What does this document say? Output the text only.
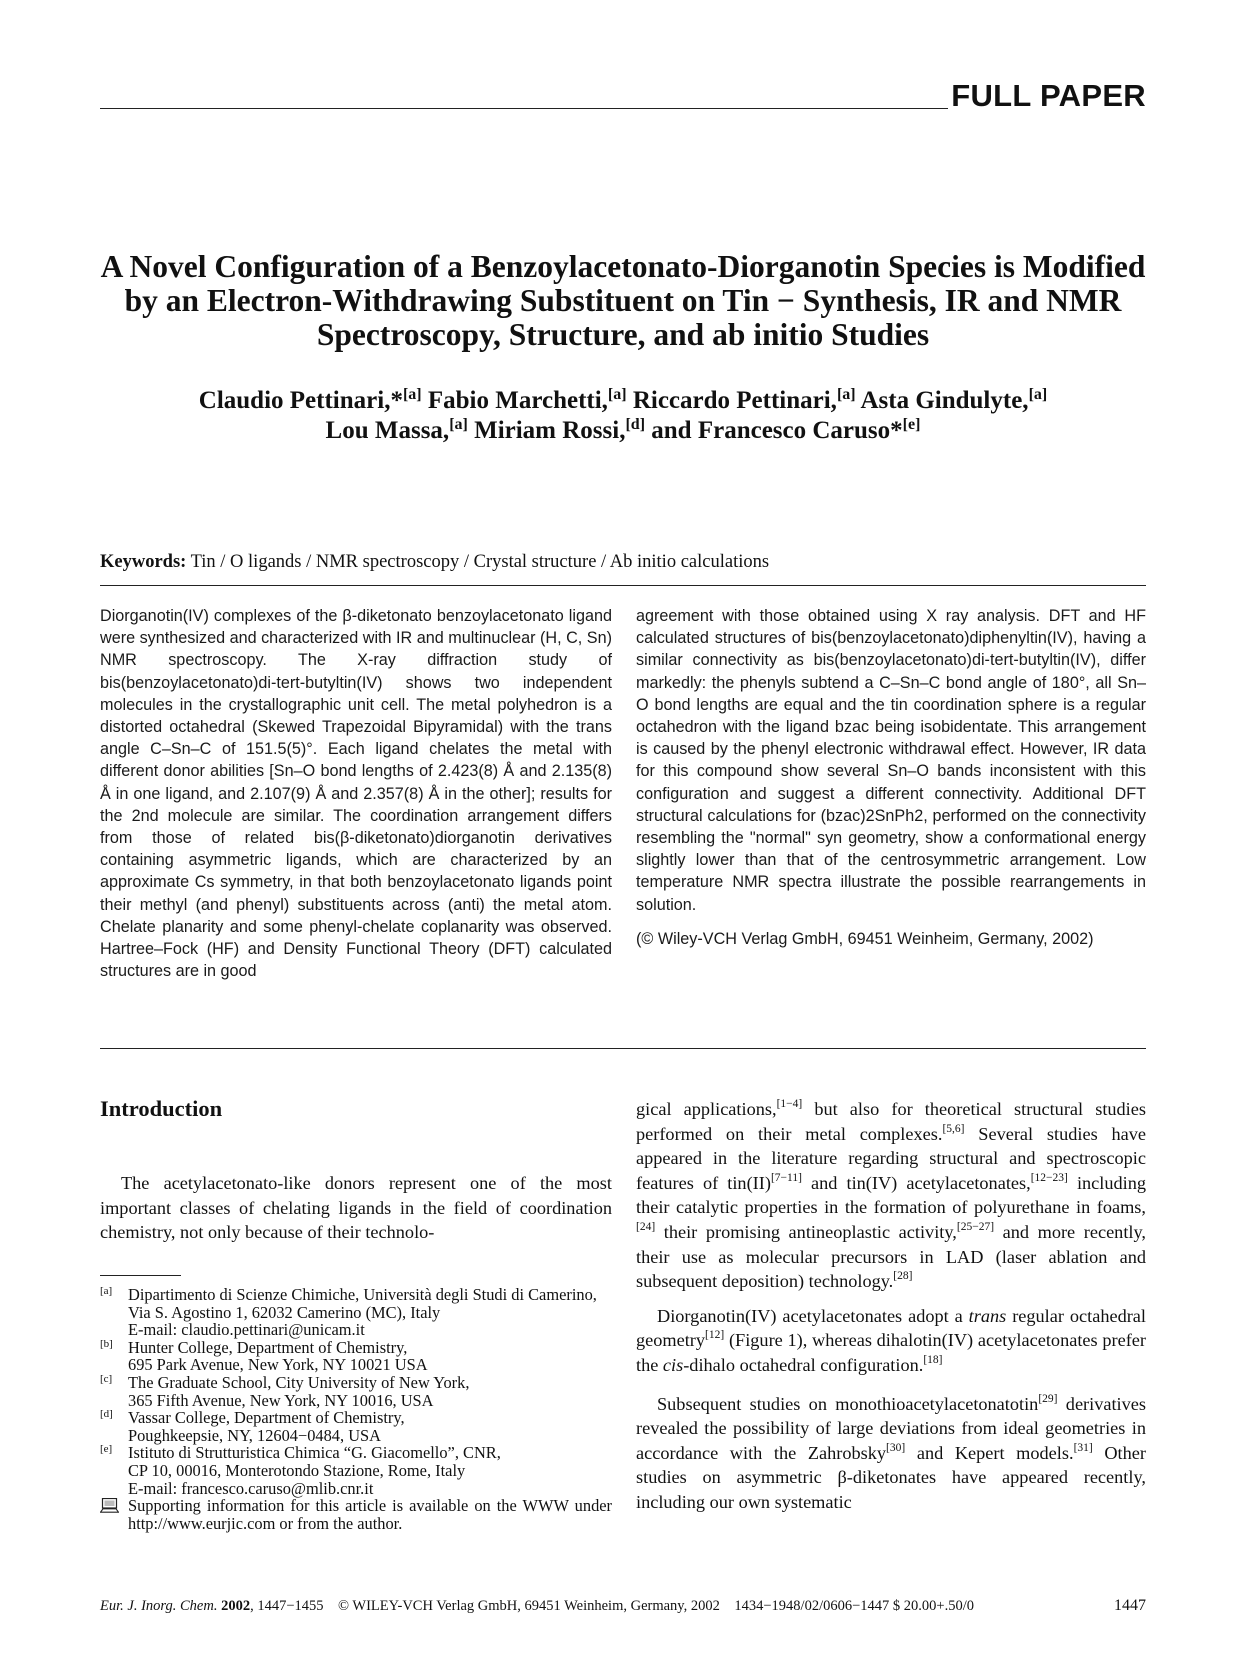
FULL PAPER
A Novel Configuration of a Benzoylacetonato-Diorganotin Species is Modified by an Electron-Withdrawing Substituent on Tin − Synthesis, IR and NMR Spectroscopy, Structure, and ab initio Studies
Claudio Pettinari,*[a] Fabio Marchetti,[a] Riccardo Pettinari,[a] Asta Gindulyte,[a]
Lou Massa,[a] Miriam Rossi,[d] and Francesco Caruso*[e]
Keywords: Tin / O ligands / NMR spectroscopy / Crystal structure / Ab initio calculations
Diorganotin(IV) complexes of the β-diketonato benzoylacetonato ligand were synthesized and characterized with IR and multinuclear (H, C, Sn) NMR spectroscopy. The X-ray diffraction study of bis(benzoylacetonato)di-tert-butyltin(IV) shows two independent molecules in the crystallographic unit cell. The metal polyhedron is a distorted octahedral (Skewed Trapezoidal Bipyramidal) with the trans angle C–Sn–C of 151.5(5)°. Each ligand chelates the metal with different donor abilities [Sn–O bond lengths of 2.423(8) Å and 2.135(8) Å in one ligand, and 2.107(9) Å and 2.357(8) Å in the other]; results for the 2nd molecule are similar. The coordination arrangement differs from those of related bis(β-diketonato)diorganotin derivatives containing asymmetric ligands, which are characterized by an approximate Cs symmetry, in that both benzoylacetonato ligands point their methyl (and phenyl) substituents across (anti) the metal atom. Chelate planarity and some phenyl-chelate coplanarity was observed. Hartree–Fock (HF) and Density Functional Theory (DFT) calculated structures are in good

agreement with those obtained using X ray analysis. DFT and HF calculated structures of bis(benzoylacetonato)diphenyltin(IV), having a similar connectivity as bis(benzoylacetonato)di-tert-butyltin(IV), differ markedly: the phenyls subtend a C–Sn–C bond angle of 180°, all Sn–O bond lengths are equal and the tin coordination sphere is a regular octahedron with the ligand bzac being isobidentate. This arrangement is caused by the phenyl electronic withdrawal effect. However, IR data for this compound show several Sn–O bands inconsistent with this configuration and suggest a different connectivity. Additional DFT structural calculations for (bzac)2SnPh2, performed on the connectivity resembling the "normal" syn geometry, show a conformational energy slightly lower than that of the centrosymmetric arrangement. Low temperature NMR spectra illustrate the possible rearrangements in solution.

(© Wiley-VCH Verlag GmbH, 69451 Weinheim, Germany, 2002)

Introduction
The acetylacetonato-like donors represent one of the most important classes of chelating ligands in the field of coordination chemistry, not only because of their technolo-

gical applications,[1−4] but also for theoretical structural studies performed on their metal complexes.[5,6] Several studies have appeared in the literature regarding structural and spectroscopic features of tin(II)[7−11] and tin(IV) acetylacetonates,[12−23] including their catalytic properties in the formation of polyurethane in foams,[24] their promising antineoplastic activity,[25−27] and more recently, their use as molecular precursors in LAD (laser ablation and subsequent deposition) technology.[28]

Diorganotin(IV) acetylacetonates adopt a trans regular octahedral geometry[12] (Figure 1), whereas dihalotin(IV) acetylacetonates prefer the cis-dihalo octahedral configuration.[18]

Subsequent studies on monothioacetylacetonatotin[29] derivatives revealed the possibility of large deviations from ideal geometries in accordance with the Zahrobsky[30] and Kepert models.[31] Other studies on asymmetric β-diketonates have appeared recently, including our own systematic

[a] Dipartimento di Scienze Chimiche, Università degli Studi di Camerino,
Via S. Agostino 1, 62032 Camerino (MC), Italy
E-mail: claudio.pettinari@unicam.it
[b] Hunter College, Department of Chemistry,
695 Park Avenue, New York, NY 10021 USA
[c] The Graduate School, City University of New York,
365 Fifth Avenue, New York, NY 10016, USA
[d] Vassar College, Department of Chemistry,
Poughkeepsie, NY, 12604−0484, USA
[e] Istituto di Strutturistica Chimica “G. Giacomello”, CNR,
CP 10, 00016, Monterotondo Stazione, Rome, Italy
E-mail: francesco.caruso@mlib.cnr.it
Supporting information for this article is available on the WWW under http://www.eurjic.com or from the author.
Eur. J. Inorg. Chem. 2002, 1447−1455 © WILEY-VCH Verlag GmbH, 69451 Weinheim, Germany, 2002 1434−1948/02/0606−1447 $ 20.00+.50/0	1447
